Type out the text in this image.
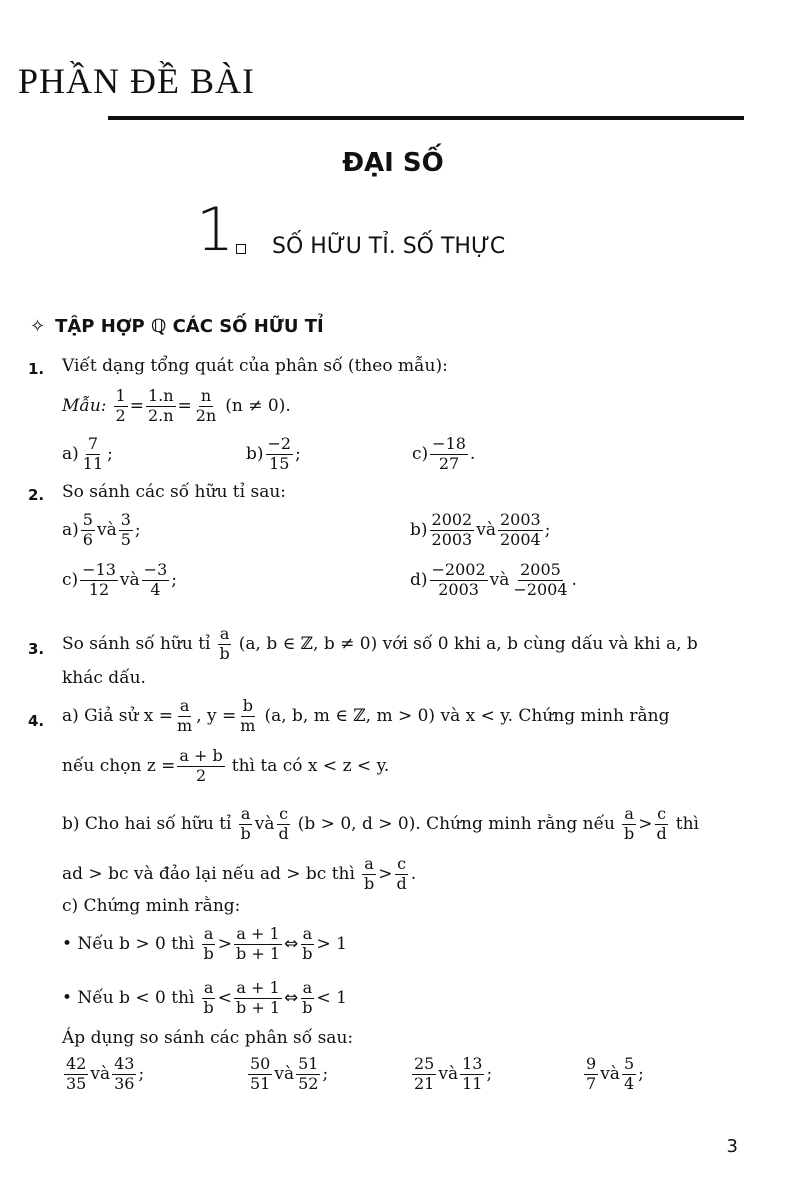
PHẦN ĐỀ BÀI
ĐẠI SỐ
1 SỐ HỮU TỈ. SỐ THỰC
✧ TẬP HỢP ℚ CÁC SỐ HỮU TỈ
1. Viết dạng tổng quát của phân số (theo mẫu):
Mẫu: $\frac{1}{2} = \frac{1.n}{2.n} = \frac{n}{2n} (n \ne 0)$.
$a) \frac{7}{11}$ ;	$b) \frac{-2}{15}$ ;	$c) \frac{-18}{27}$ .
2. So sánh các số hữu tỉ sau:
$a) \frac{5}{6}$ và $\frac{3}{5}$ ;	$b) \frac{2002}{2003}$ và $\frac{2003}{2004}$ ;
$c) \frac{-13}{12}$ và $\frac{-3}{4}$ ;	$d) \frac{-2002}{2003}$ và $\frac{2005}{-2004}$ .
3. So sánh số hữu tỉ $\frac{a}{b} (a$, b ∈ ℤ, b ≠ 0) với số 0 khi a, b cùng dấu và khi a, b
khác dấu.
4. a) Giả sử $x = \frac{a}{m}$ , $y = \frac{b}{m} (a$, b, m ∈ ℤ, m > 0) và x < y. Chứng minh rằng
nếu chọn $z = \frac{a + b}{2}$ thì ta có x < z < y.
b) Cho hai số hữu tỉ $\frac{a}{b}$ và $\frac{c}{d} (b > 0$, d > 0). Chứng minh rằng nếu $\frac{a}{b} > \frac{c}{d}$ thì
ad > bc và đảo lại nếu ad > bc thì $\frac{a}{b} > \frac{c}{d}$ .
c) Chứng minh rằng:
• Nếu b > 0 thì $\frac{a}{b} > \frac{a + 1}{b + 1}$ ⇔ $\frac{a}{b} > 1$
• Nếu b < 0 thì $\frac{a}{b} < \frac{a + 1}{b + 1}$ ⇔ $\frac{a}{b} < 1$
Áp dụng so sánh các phân số sau:
$\frac{42}{35}$ và $\frac{43}{36}$ ;	$\frac{50}{51}$ và $\frac{51}{52}$ ;	$\frac{25}{21}$ và $\frac{13}{11}$ ;	$\frac{9}{7}$ và $\frac{5}{4}$ ;
3
